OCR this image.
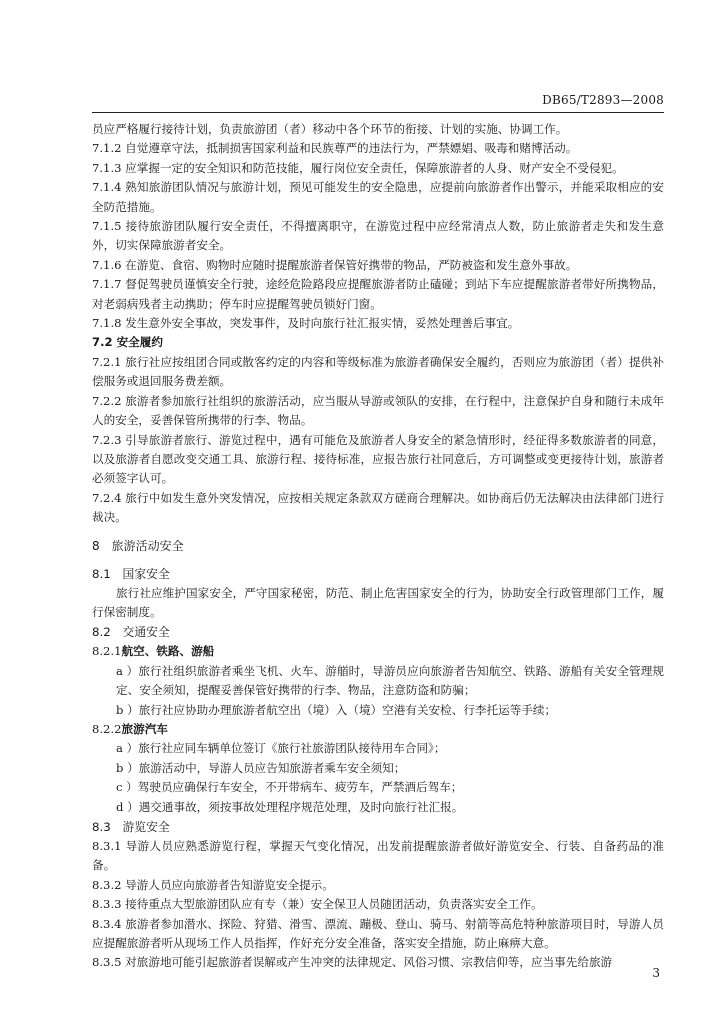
DB65/T2893—2008

员应严格履行接待计划，负责旅游团（者）移动中各个环节的衔接、计划的实施、协调工作。

7.1.2 自觉遵章守法，抵制损害国家利益和民族尊严的违法行为，严禁嫖娼、吸毒和赌博活动。

7.1.3 应掌握一定的安全知识和防范技能，履行岗位安全责任，保障旅游者的人身、财产安全不受侵犯。

7.1.4 熟知旅游团队情况与旅游计划，预见可能发生的安全隐患，应提前向旅游者作出警示，并能采取相应的安全防范措施。

7.1.5 接待旅游团队履行安全责任，不得擅离职守，在游览过程中应经常清点人数，防止旅游者走失和发生意外，切实保障旅游者安全。

7.1.6 在游览、食宿、购物时应随时提醒旅游者保管好携带的物品，严防被盗和发生意外事故。

7.1.7 督促驾驶员谨慎安全行驶，途经危险路段应提醒旅游者防止磕碰；到站下车应提醒旅游者带好所携物品，对老弱病残者主动携助；停车时应提醒驾驶员锁好门窗。

7.1.8 发生意外安全事故，突发事件，及时向旅行社汇报实情，妥然处理善后事宜。

7.2 安全履约

7.2.1 旅行社应按组团合同或散客约定的内容和等级标准为旅游者确保安全履约，否则应为旅游团（者）提供补偿服务或退回服务费差额。

7.2.2 旅游者参加旅行社组织的旅游活动，应当服从导游或领队的安排，在行程中，注意保护自身和随行未成年人的安全，妥善保管所携带的行李、物品。

7.2.3 引导旅游者旅行、游览过程中，遇有可能危及旅游者人身安全的紧急情形时，经征得多数旅游者的同意，以及旅游者自愿改变交通工具、旅游行程、接待标准，应报告旅行社同意后，方可调整或变更接待计划，旅游者必须签字认可。

7.2.4 旅行中如发生意外突发情况，应按相关规定条款双方磋商合理解决。如协商后仍无法解决由法律部门进行裁决。

8　旅游活动安全

8.1　国家安全

旅行社应维护国家安全，严守国家秘密，防范、制止危害国家安全的行为，协助安全行政管理部门工作，履行保密制度。

8.2　交通安全

8.2.1航空、铁路、游船

a ）旅行社组织旅游者乘坐飞机、火车、游艏时，导游员应向旅游者告知航空、铁路、游船有关安全管理规定、安全须知，提醒妥善保管好携带的行李、物品，注意防盗和防骗；

b ）旅行社应协助办理旅游者航空出（境）入（境）空港有关安检、行李托运等手续；

8.2.2旅游汽车

a ）旅行社应同车辆单位签订《旅行社旅游团队接待用车合同》；

b ）旅游活动中，导游人员应告知旅游者乘车安全须知；

c ）驾驶员应确保行车安全，不开带病车、疲劳车，严禁酒后驾车；

d ）遇交通事故，须按事故处理程序规范处理，及时向旅行社汇报。

8.3　游览安全

8.3.1 导游人员应熟悉游览行程，掌握天气变化情况，出发前提醒旅游者做好游览安全、行装、自备药品的准备。

8.3.2 导游人员应向旅游者告知游览安全提示。

8.3.3 接待重点大型旅游团队应有专（兼）安全保卫人员随团活动，负责落实安全工作。

8.3.4 旅游者参加潜水、探险、狩猎、滑雪、漂流、蹦极、登山、骑马、射箭等高危特种旅游项目时，导游人员应提醒旅游者听从现场工作人员指挥，作好充分安全准备，落实安全措施，防止麻痹大意。

8.3.5 对旅游地可能引起旅游者误解或产生冲突的法律规定、风俗习惯、宗教信仰等，应当事先给旅游

3
